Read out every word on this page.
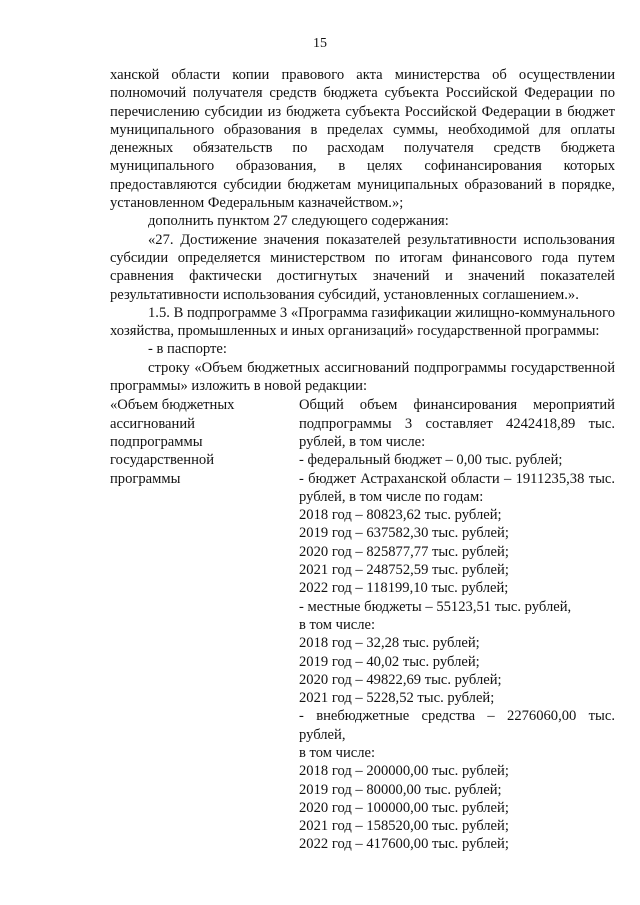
15

ханской области копии правового акта министерства об осуществлении полномочий получателя средств бюджета субъекта Российской Федерации по перечислению субсидии из бюджета субъекта Российской Федерации в бюджет муниципального образования в пределах суммы, необходимой для оплаты денежных обязательств по расходам получателя средств бюджета муниципального образования, в целях софинансирования которых предоставляются субсидии бюджетам муниципальных образований в порядке, установленном Федеральным казначейством.»;

дополнить пунктом 27 следующего содержания:

«27. Достижение значения показателей результативности использования субсидии определяется министерством по итогам финансового года путем сравнения фактически достигнутых значений и значений показателей результативности использования субсидий, установленных соглашением.».

1.5. В подпрограмме 3 «Программа газификации жилищно-коммунального хозяйства, промышленных и иных организаций» государственной программы:

- в паспорте:

строку «Объем бюджетных ассигнований подпрограммы государственной программы» изложить в новой редакции:

«Объем бюджетных ассигнований подпрограммы государственной программы
Общий объем финансирования мероприятий подпрограммы 3 составляет 4242418,89 тыс. рублей, в том числе:
- федеральный бюджет – 0,00 тыс. рублей;
- бюджет Астраханской области – 1911235,38 тыс. рублей, в том числе по годам:
2018 год – 80823,62 тыс. рублей;
2019 год – 637582,30 тыс. рублей;
2020 год – 825877,77 тыс. рублей;
2021 год – 248752,59 тыс. рублей;
2022 год – 118199,10 тыс. рублей;
- местные бюджеты – 55123,51 тыс. рублей,
в том числе:
2018 год – 32,28 тыс. рублей;
2019 год – 40,02 тыс. рублей;
2020 год – 49822,69 тыс. рублей;
2021 год – 5228,52 тыс. рублей;
- внебюджетные средства – 2276060,00 тыс. рублей,
в том числе:
2018 год – 200000,00 тыс. рублей;
2019 год – 80000,00 тыс. рублей;
2020 год – 100000,00 тыс. рублей;
2021 год – 158520,00 тыс. рублей;
2022 год – 417600,00 тыс. рублей;
